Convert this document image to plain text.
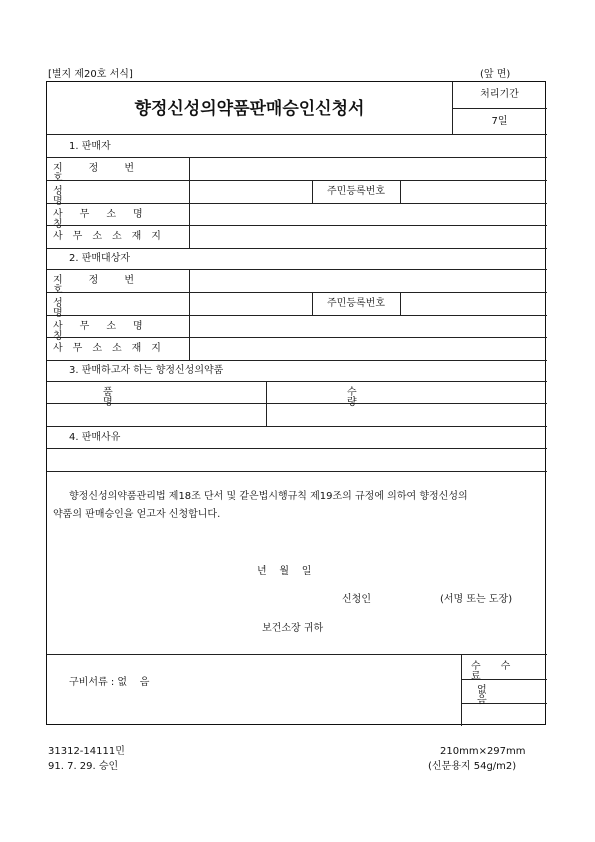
[별지 제20호 서식]	(앞 면)
향정신성의약품판매승인신청서
처리기간
7일
1. 판매자
지정번호
성명
주민등록번호
사무소명칭
사무소소재지
2. 판매대상자
지정번호
성명
주민등록번호
사무소명칭
사무소소재지
3. 판매하고자 하는 향정신성의약품
품명
수량
4. 판매사유
향정신성의약품관리법 제18조 단서 및 같은법시행규칙 제19조의 규정에 의하여 향정신성의
약품의 판매승인을 얻고자 신청합니다.
년    월    일
신청인	(서명 또는 도장)
보건소장 귀하
구비서류 : 없    음
수수료
없음
31312-14111민
91. 7. 29. 승인
210mm×297mm
(신문용지 54g/m2)
